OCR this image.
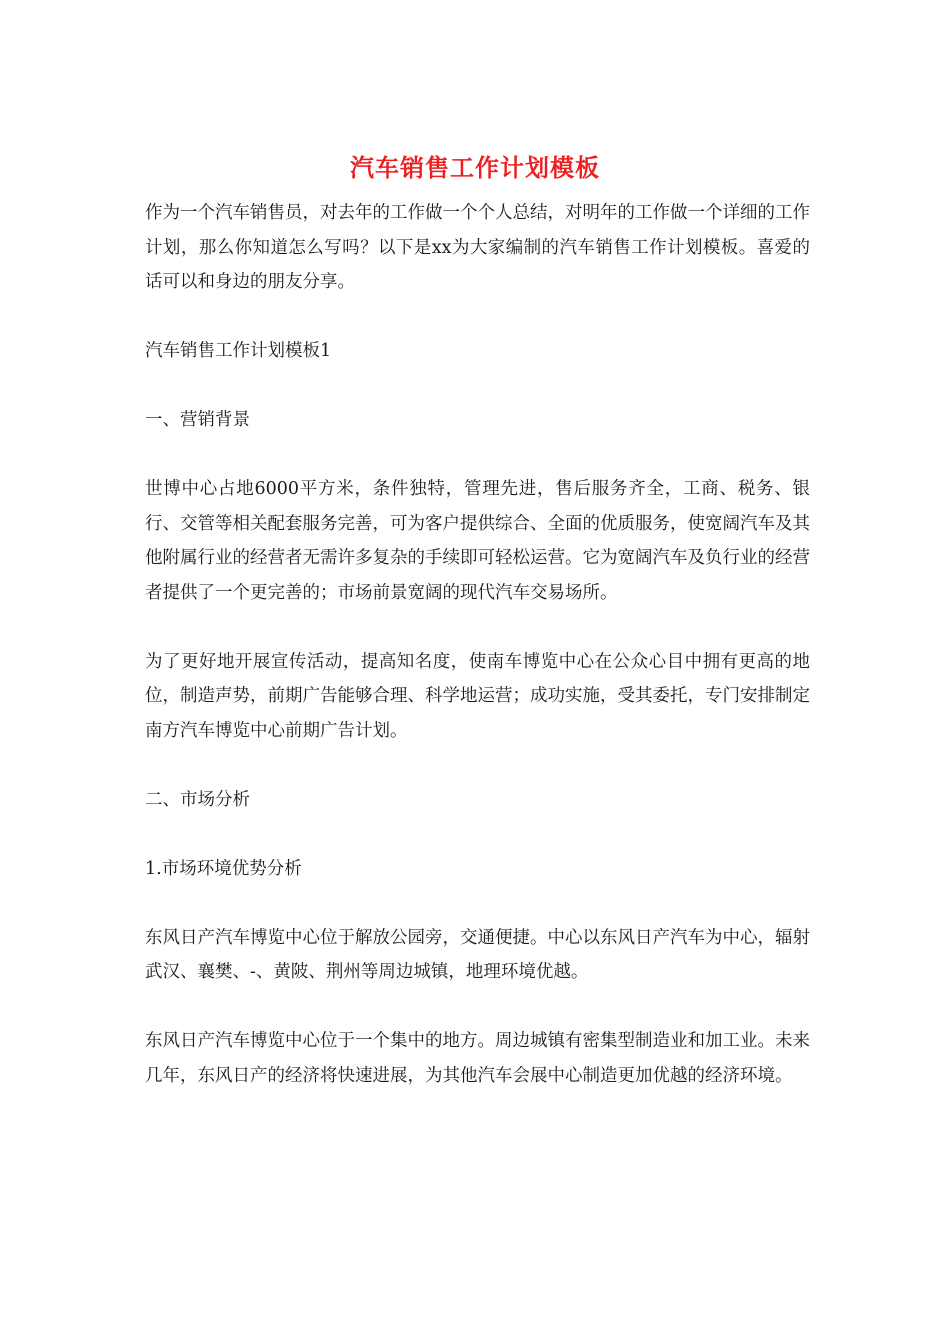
汽车销售工作计划模板

作为一个汽车销售员，对去年的工作做一个个人总结，对明年的工作做一个详细的工作计划，那么你知道怎么写吗？以下是xx为大家编制的汽车销售工作计划模板。喜爱的话可以和身边的朋友分享。

汽车销售工作计划模板1

一、营销背景

世博中心占地6000平方米，条件独特，管理先进，售后服务齐全，工商、税务、银行、交管等相关配套服务完善，可为客户提供综合、全面的优质服务，使宽阔汽车及其他附属行业的经营者无需许多复杂的手续即可轻松运营。它为宽阔汽车及负行业的经营者提供了一个更完善的；市场前景宽阔的现代汽车交易场所。

为了更好地开展宣传活动，提高知名度，使南车博览中心在公众心目中拥有更高的地位，制造声势，前期广告能够合理、科学地运营；成功实施，受其委托，专门安排制定南方汽车博览中心前期广告计划。

二、市场分析

1.市场环境优势分析

东风日产汽车博览中心位于解放公园旁，交通便捷。中心以东风日产汽车为中心，辐射武汉、襄樊、-、黄陂、荆州等周边城镇，地理环境优越。

东风日产汽车博览中心位于一个集中的地方。周边城镇有密集型制造业和加工业。未来几年，东风日产的经济将快速进展，为其他汽车会展中心制造更加优越的经济环境。
